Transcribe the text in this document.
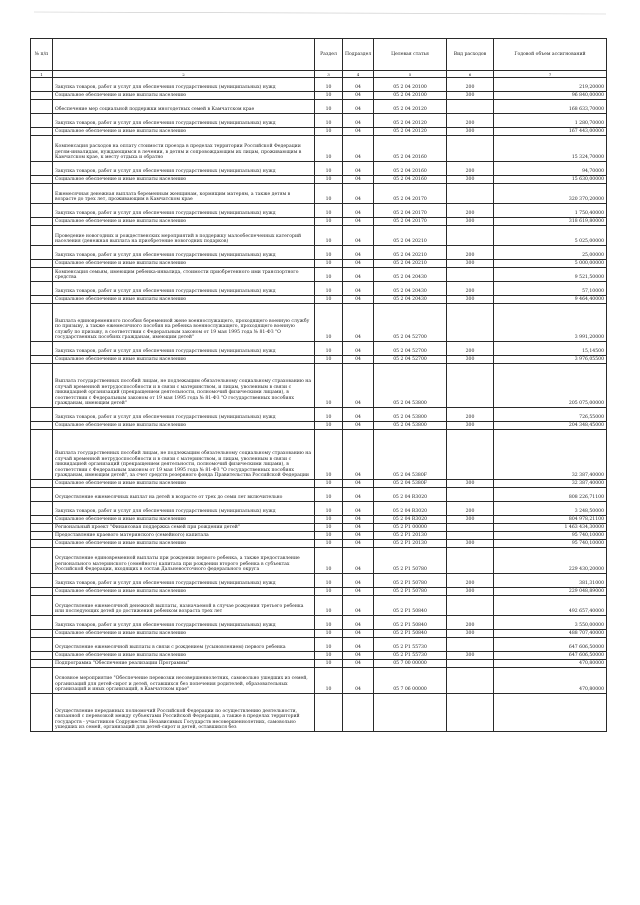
№ п/п		Раздел	Подраздел	Целевая статья	Вид расходов	Годовой объем ассигнований
1	2	3	4	5	6	7
	Закупка товаров, работ и услуг для обеспечения государственных (муниципальных) нужд	10	04	05 2 04 20100	200	219,20000
	Социальное обеспечение и иные выплаты населению	10	04	05 2 04 20100	300	96 840,00000
	Обеспечение мер социальной поддержки многодетных семей в Камчатском крае	10	04	05 2 04 20120		168 633,70000
	Закупка товаров, работ и услуг для обеспечения государственных (муниципальных) нужд	10	04	05 2 04 20120	200	1 280,70000
	Социальное обеспечение и иные выплаты населению	10	04	05 2 04 20120	300	167 443,00000
	Компенсация расходов на оплату стоимости проезда в пределах территории Российской Федерации детям-инвалидам, нуждающимся в лечении, в детям и сопровождающим их лицам, проживающим в Камчатском крае, к месту отдыха и обратно	10	04	05 2 04 20160		15 324,70000
	Закупка товаров, работ и услуг для обеспечения государственных (муниципальных) нужд	10	04	05 2 04 20160	200	94,70000
	Социальное обеспечение и иные выплаты населению	10	04	05 2 04 20160	300	15 630,00000
	Ежемесячная денежная выплата беременным женщинам, кормящим матерям, а также детям в возрасте до трех лет, проживающим в Камчатском крае	10	04	05 2 04 20170		320 370,20000
	Закупка товаров, работ и услуг для обеспечения государственных (муниципальных) нужд	10	04	05 2 04 20170	200	1 750,40000
	Социальное обеспечение и иные выплаты населению	10	04	05 2 04 20170	300	318 619,80000
	Проведение новогодних и рождественских мероприятий в поддержку малообеспеченных категорий населения (денежная выплата на приобретение новогодних подарков)	10	04	05 2 04 20210		5 025,00000
	Закупка товаров, работ и услуг для обеспечения государственных (муниципальных) нужд	10	04	05 2 04 20210	200	25,00000
	Социальное обеспечение и иные выплаты населению	10	04	05 2 04 20210	300	5 000,00000
	Компенсация семьям, имеющим ребенка-инвалида, стоимости приобретенного ими транспортного средства	10	04	05 2 04 20430		9 521,50000
	Закупка товаров, работ и услуг для обеспечения государственных (муниципальных) нужд	10	04	05 2 04 20430	200	57,10000
	Социальное обеспечение и иные выплаты населению	10	04	05 2 04 20430	300	9 464,40000
	Выплата единовременного пособия беременной жене военнослужащего, проходящего военную службу по призыву, а также ежемесячного пособия на ребенка военнослужащего, проходящего военную службу по призыву, в соответствии с Федеральным законом от 19 мая 1995 года № 81-ФЗ "О государственных пособиях гражданам, имеющим детей"	10	04	05 2 04 52700		3 991,20000
	Закупка товаров, работ и услуг для обеспечения государственных (муниципальных) нужд	10	04	05 2 04 52700	200	15,14500
	Социальное обеспечение и иные выплаты населению	10	04	05 2 04 52700	300	3 976,05500
	Выплата государственных пособий лицам, не подлежащим обязательному социальному страхованию на случай временной нетрудоспособности и в связи с материнством, и лицам, уволенным в связи с ликвидацией организаций (прекращением деятельности, полномочий физическими лицами), в соответствии с Федеральным законом от 19 мая 1995 года № 81-ФЗ "О государственных пособиях гражданам, имеющим детей"	10	04	05 2 04 53800		205 075,00000
	Закупка товаров, работ и услуг для обеспечения государственных (муниципальных) нужд	10	04	05 2 04 53800	200	726,55000
	Социальное обеспечение и иные выплаты населению	10	04	05 2 04 53800	300	204 348,45000
	Выплата государственных пособий лицам, не подлежащим обязательному социальному страхованию на случай временной нетрудоспособности и в связи с материнством, и лицам, уволенным в связи с ликвидацией организаций (прекращением деятельности, полномочий физическими лицами), в соответствии с Федеральным законом от 19 мая 1995 года № 81-ФЗ "О государственных пособиях гражданам, имеющим детей", за счет средств резервного фонда Правительства Российской Федерации	10	04	05 2 04 5380F		32 387,40000
	Социальное обеспечение и иные выплаты населению	10	04	05 2 04 5380F	300	32 387,40000
	Осуществление ежемесячных выплат на детей в возрасте от трех до семи лет включительно	10	04	05 2 04 R3020		808 226,71100
	Закупка товаров, работ и услуг для обеспечения государственных (муниципальных) нужд	10	04	05 2 04 R3020	200	3 248,50000
	Социальное обеспечение и иные выплаты населению	10	04	05 2 04 R3020	300	804 978,21100
	Региональный проект "Финансовая поддержка семей при рождении детей"	10	04	05 2 P1 00000		1 463 434,30000
	Предоставление краевого материнского (семейного) капитала	10	04	05 2 P1 20130		95 740,10000
	Социальное обеспечение и иные выплаты населению	10	04	05 2 P1 20130	300	95 740,10000
	Осуществление единовременной выплаты при рождении первого ребенка, а также предоставление регионального материнского (семейного) капитала при рождении второго ребенка в субъектах Российской Федерации, входящих в состав Дальневосточного федерального округа	10	04	05 2 P1 50780		229 430,20000
	Закупка товаров, работ и услуг для обеспечения государственных (муниципальных) нужд	10	04	05 2 P1 50780	200	381,31000
	Социальное обеспечение и иные выплаты населению	10	04	05 2 P1 50780	300	229 048,89000
	Осуществление ежемесячной денежной выплаты, назначаемой в случае рождения третьего ребенка или последующих детей до достижения ребенком возраста трех лет	10	04	05 2 P1 50840		492 657,40000
	Закупка товаров, работ и услуг для обеспечения государственных (муниципальных) нужд	10	04	05 2 P1 50840	200	3 550,00000
	Социальное обеспечение и иные выплаты населению	10	04	05 2 P1 50840	300	488 707,40000
	Осуществление ежемесячной выплаты в связи с рождением (усыновлением) первого ребенка	10	04	05 2 P1 55730		647 606,50000
	Социальное обеспечение и иные выплаты населению	10	04	05 2 P1 55730	300	647 606,50000
	Подпрограмма "Обеспечение реализации Программы"	10	04	05 7 00 00000		470,80000
	Основное мероприятие "Обеспечение перевозки несовершеннолетних, самовольно ушедших из семей, организаций для детей-сирот и детей, оставшихся без попечения родителей, образовательных организаций и иных организаций, в Камчатском крае"	10	04	05 7 06 00000		470,80000
	Осуществление переданных полномочий Российской Федерации по осуществлению деятельности, связанной с перевозкой между субъектами Российской Федерации, а также в пределах территорий государств - участников Содружества Независимых Государств несовершеннолетних, самовольно ушедших из семей, организаций для детей-сирот и детей, оставшихся без					
